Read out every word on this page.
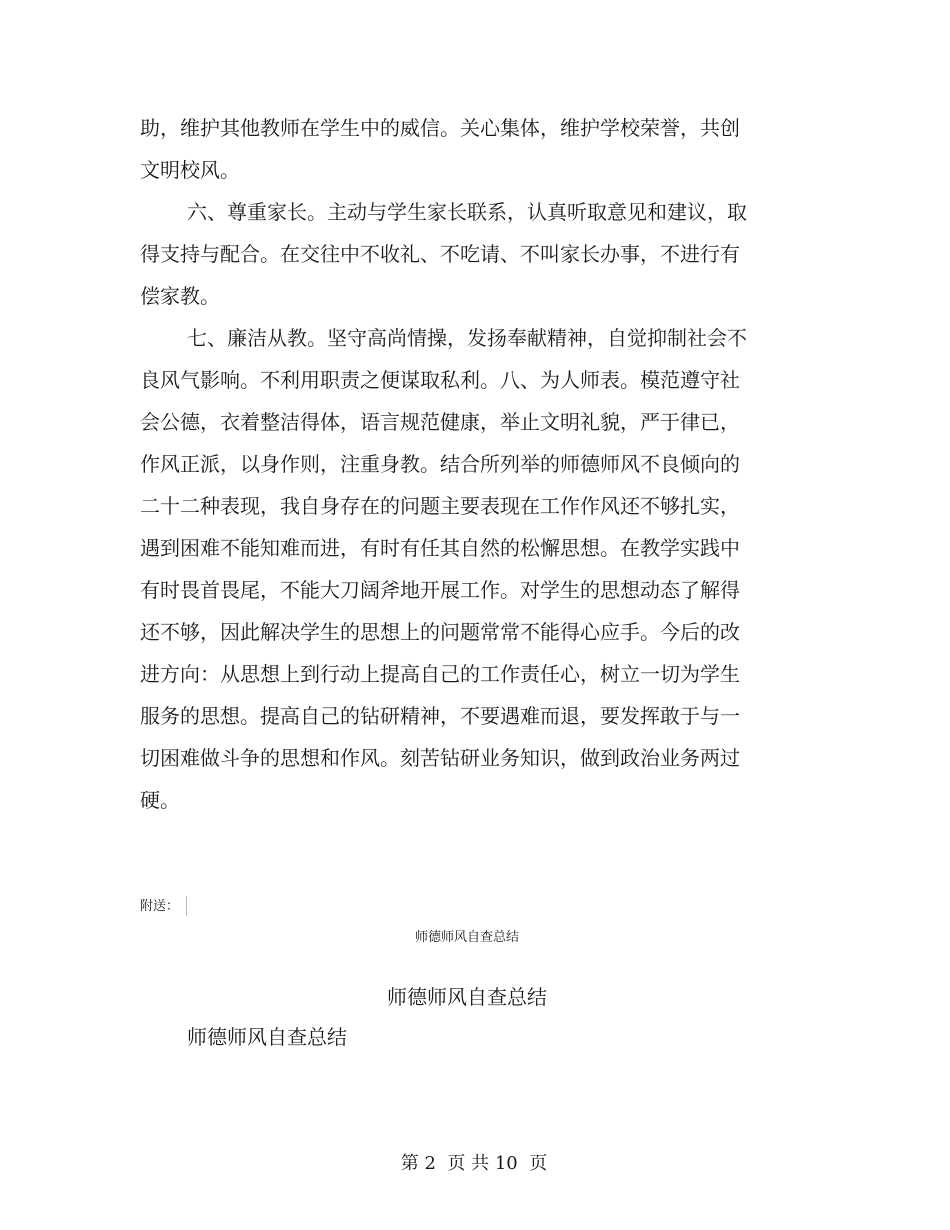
助，维护其他教师在学生中的威信。关心集体，维护学校荣誉，共创
文明校风。
六、尊重家长。主动与学生家长联系，认真听取意见和建议，取
得支持与配合。在交往中不收礼、不吃请、不叫家长办事，不进行有
偿家教。
七、廉洁从教。坚守高尚情操，发扬奉献精神，自觉抑制社会不
良风气影响。不利用职责之便谋取私利。八、为人师表。模范遵守社
会公德，衣着整洁得体，语言规范健康，举止文明礼貌，严于律已，
作风正派，以身作则，注重身教。结合所列举的师德师风不良倾向的
二十二种表现，我自身存在的问题主要表现在工作作风还不够扎实，
遇到困难不能知难而进，有时有任其自然的松懈思想。在教学实践中
有时畏首畏尾，不能大刀阔斧地开展工作。对学生的思想动态了解得
还不够，因此解决学生的思想上的问题常常不能得心应手。今后的改
进方向：从思想上到行动上提高自己的工作责任心，树立一切为学生
服务的思想。提高自己的钻研精神，不要遇难而退，要发挥敢于与一
切困难做斗争的思想和作风。刻苦钻研业务知识，做到政治业务两过
硬。
附送：
师德师风自查总结
师德师风自查总结
师德师风自查总结
第 2  页 共 10  页
